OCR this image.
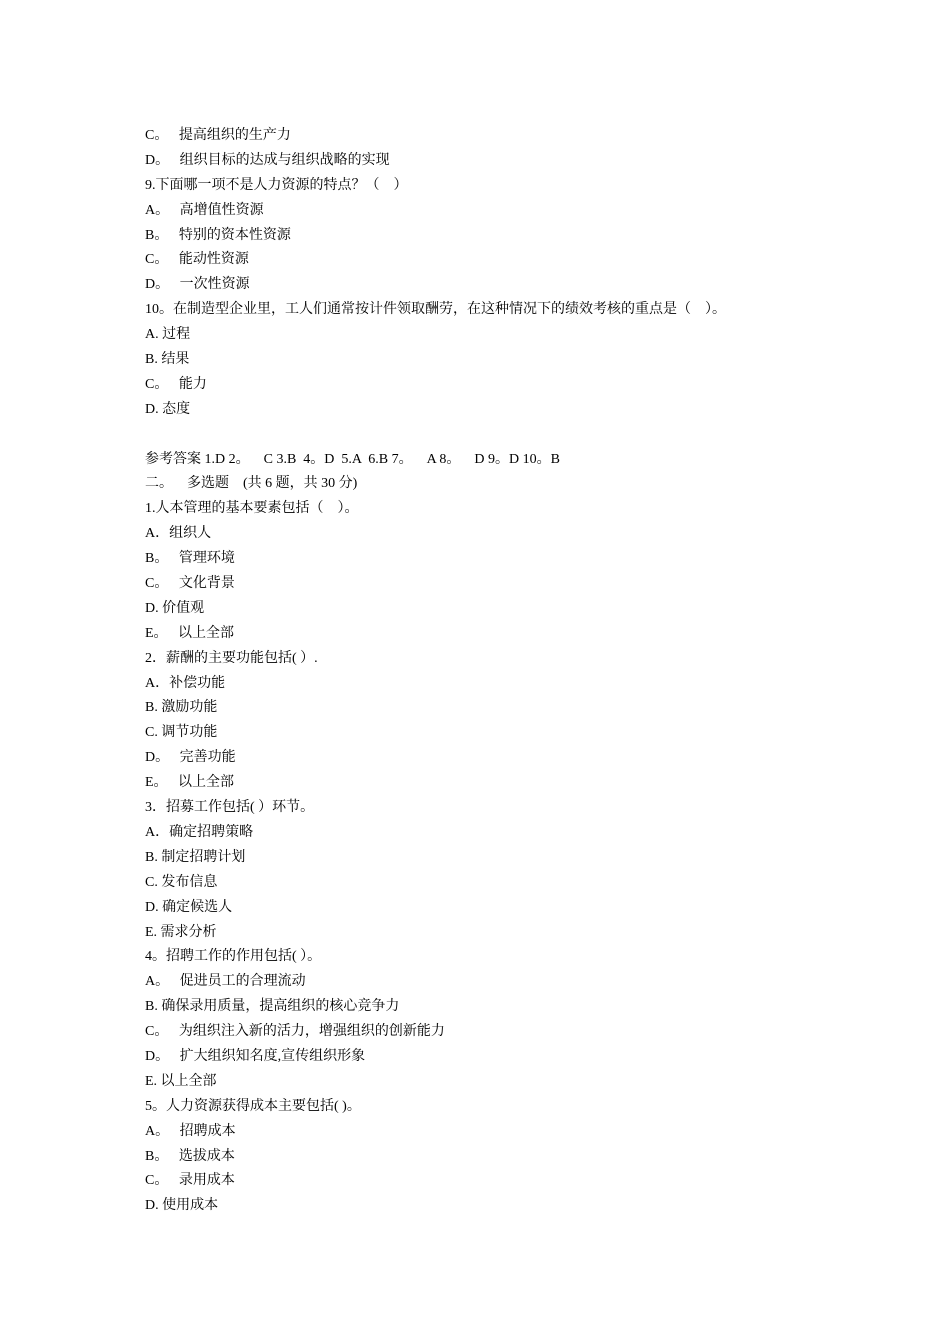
C。   提高组织的生产力
D。   组织目标的达成与组织战略的实现
9.下面哪一项不是人力资源的特点？（    ）
A。   高增值性资源
B。   特别的资本性资源
C。   能动性资源
D。   一次性资源
10。在制造型企业里，工人们通常按计件领取酬劳，在这种情况下的绩效考核的重点是（    ）。
A. 过程
B. 结果
C。   能力
D. 态度
参考答案 1.D 2。    C 3.B  4。D  5.A  6.B 7。    A 8。    D 9。D 10。B
二。    多选题    (共 6 题，共 30 分)
1.人本管理的基本要素包括（    ）。
A．组织人
B。   管理环境
C。   文化背景
D. 价值观
E。   以上全部
2．薪酬的主要功能包括( ）.
A．补偿功能
B. 激励功能
C. 调节功能
D。   完善功能
E。   以上全部
3．招募工作包括( ）环节。
A．确定招聘策略
B. 制定招聘计划
C. 发布信息
D. 确定候选人
E. 需求分析
4。招聘工作的作用包括( ）。
A。   促进员工的合理流动
B. 确保录用质量，提高组织的核心竞争力
C。   为组织注入新的活力，增强组织的创新能力
D。   扩大组织知名度,宣传组织形象
E. 以上全部
5。人力资源获得成本主要包括( )。
A。   招聘成本
B。   选拔成本
C。   录用成本
D. 使用成本
